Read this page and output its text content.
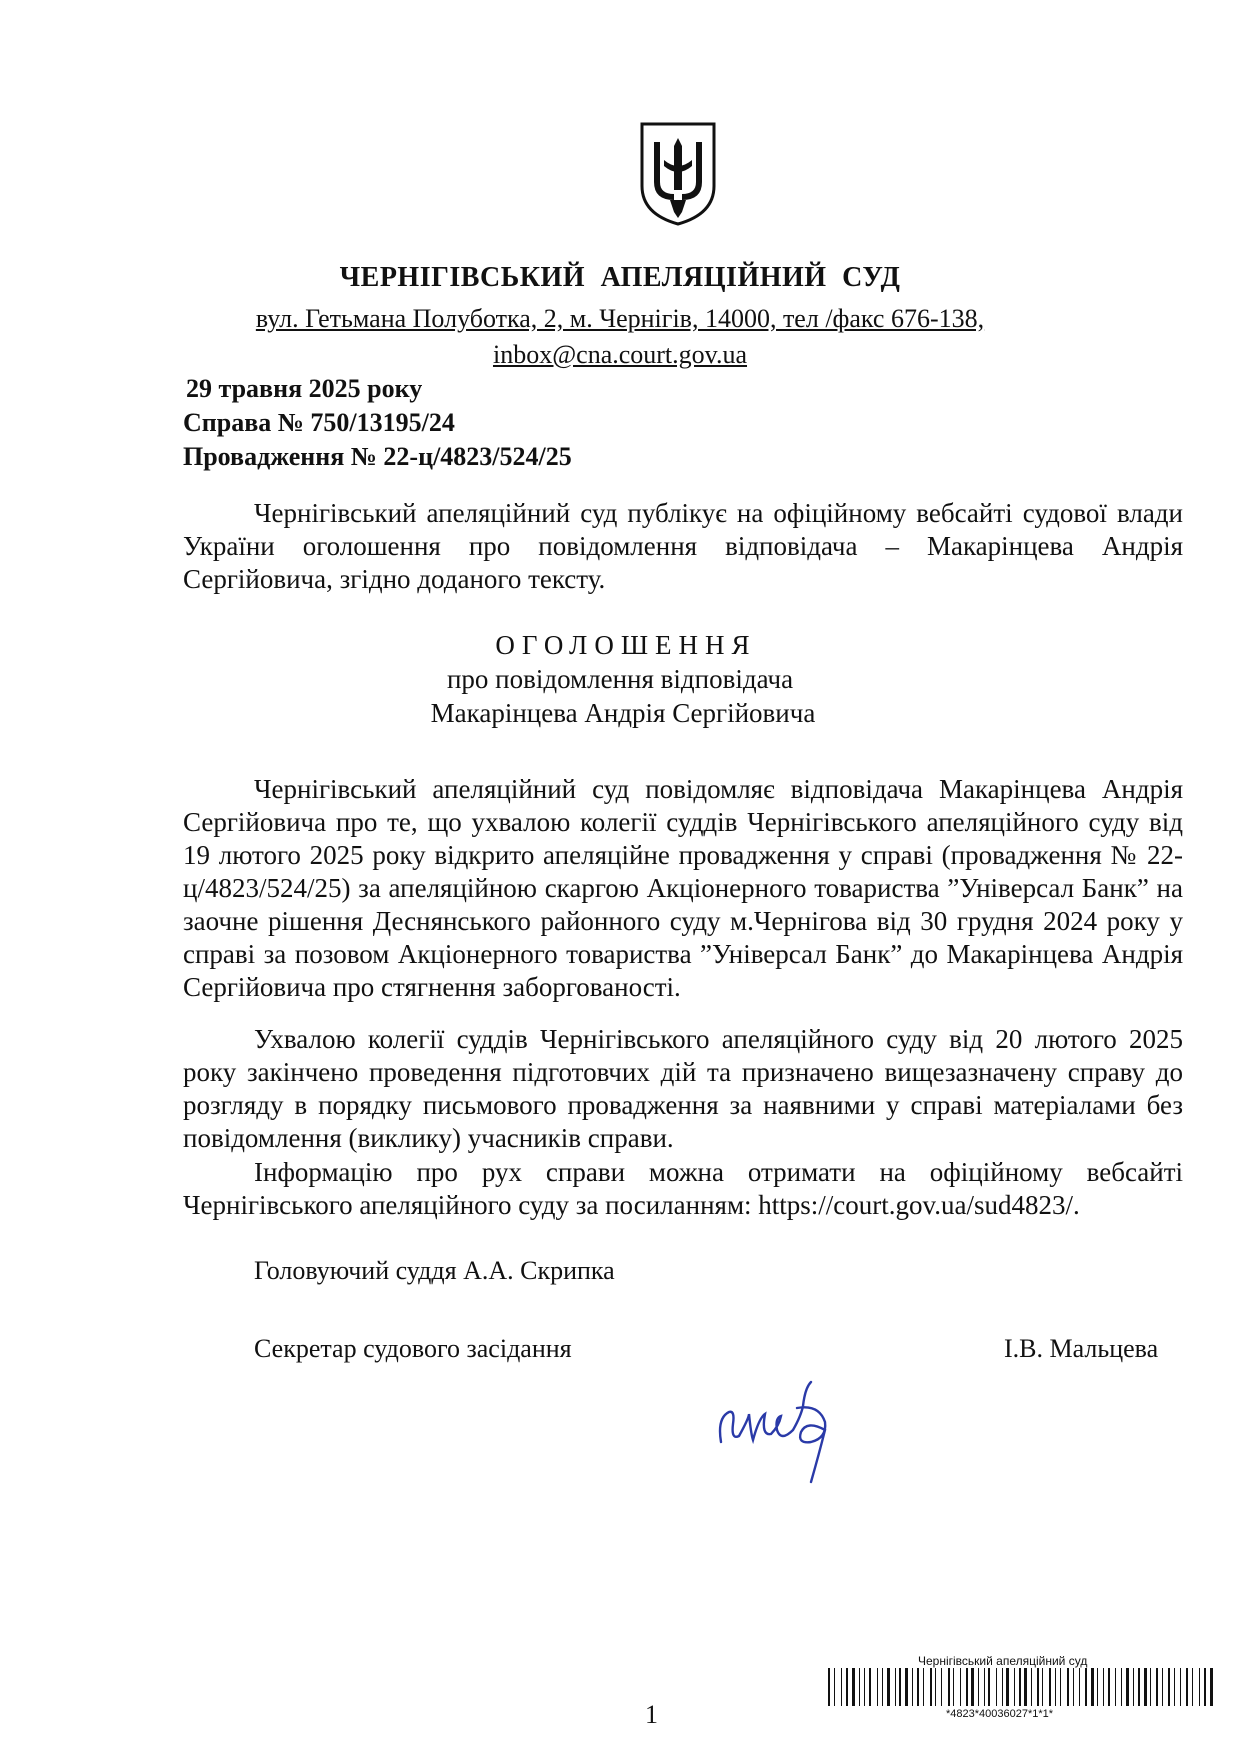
ЧЕРНІГІВСЬКИЙ АПЕЛЯЦІЙНИЙ СУД
вул. Гетьмана Полуботка, 2, м. Чернігів, 14000, тел /факс 676-138,
inbox@cna.court.gov.ua
29 травня 2025 року
Справа № 750/13195/24
Провадження № 22-ц/4823/524/25
Чернігівський апеляційний суд публікує на офіційному вебсайті судової влади України оголошення про повідомлення відповідача – Макарінцева Андрія Сергійовича, згідно доданого тексту.
ОГОЛОШЕННЯ
про повідомлення відповідача
Макарінцева Андрія Сергійовича
Чернігівський апеляційний суд повідомляє відповідача Макарінцева Андрія Сергійовича про те, що ухвалою колегії суддів Чернігівського апеляційного суду від 19 лютого 2025 року відкрито апеляційне провадження у справі (провадження № 22-ц/4823/524/25) за апеляційною скаргою Акціонерного товариства ”Універсал Банк” на заочне рішення Деснянського районного суду м.Чернігова від 30 грудня 2024 року у справі за позовом Акціонерного товариства ”Універсал Банк” до Макарінцева Андрія Сергійовича про стягнення заборгованості.
Ухвалою колегії суддів Чернігівського апеляційного суду від 20 лютого 2025 року закінчено проведення підготовчих дій та призначено вищезазначену справу до розгляду в порядку письмового провадження за наявними у справі матеріалами без повідомлення (виклику) учасників справи.
Інформацію про рух справи можна отримати на офіційному вебсайті Чернігівського апеляційного суду за посиланням: https://court.gov.ua/sud4823/.
Головуючий суддя А.А. Скрипка
Секретар судового засідання	І.В. Мальцева
1
Чернігівський апеляційний суд
*4823*40036027*1*1*
